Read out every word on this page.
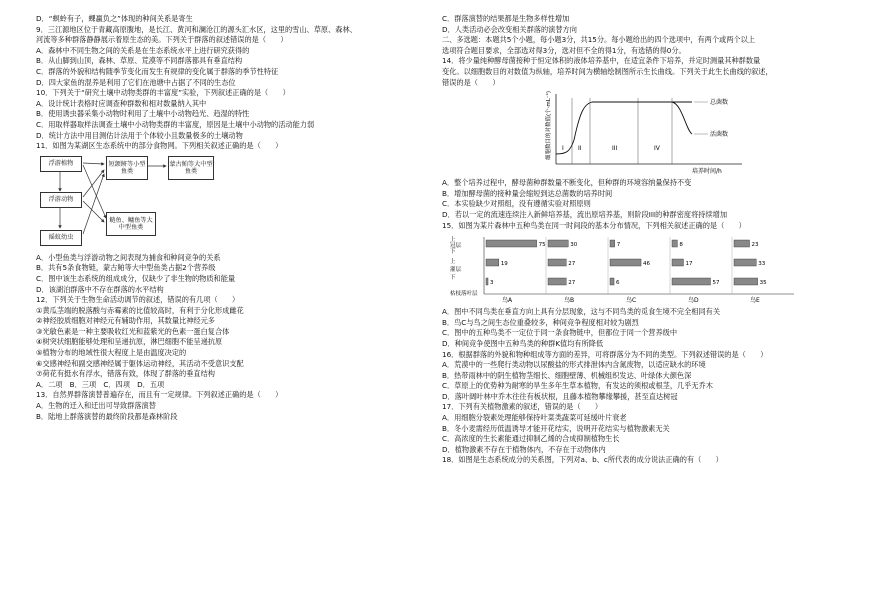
D．“螟蛉有子，蜾蠃负之”体现的种间关系是寄生
9．三江源地区位于青藏高原腹地，是长江、黄河和澜沧江的源头汇水区，这里的雪山、草原、森林、
河流等多种群落静静展示着原生态的美。下列关于群落的叙述错误的是（　　）
A．森林中不同生物之间的关系是在生态系统水平上进行研究获得的
B．从山脚到山顶，森林、草原、荒漠等不同群落都具有垂直结构
C．群落的外貌和结构随季节变化而发生有规律的变化属于群落的季节性特征
D．四大家鱼的混养是利用了它们在池塘中占据了不同的生态位
10．下列关于“研究土壤中动物类群的丰富度”实验，下列叙述正确的是（　　）
A．设计统计表格时应调查种群数和相对数量纳入其中
B．使用诱虫器采集小动物时利用了土壤中小动物趋光、趋湿的特性
C．用取样器取样法调查土壤中小动物类群的丰富度，原因是土壤中小动物的活动能力弱
D．统计方法中用目测估计法用于个体较小且数量极多的土壤动物
11．如图为某湖区生态系统中的部分食物网。下列相关叙述正确的是（　　）
浮游植物
浮游动物
摇蚊幼虫
短颌鲚等小型鱼类
蒙古鲌等大中型鱼类
鲢鱼、鳙鱼等大中型鱼类
A．小型鱼类与浮游动物之间表现为捕食和种间竞争的关系
B．共有5条食物链，蒙古鲌等大中型鱼类占据2个营养级
C．图中该生态系统的组成成分，仅缺少了非生物的物质和能量
D．该湖泊群落中不存在群落的水平结构
12．下列关于生物生命活动调节的叙述，错误的有几项（　　）
①黄瓜茎端的脱落酸与赤霉素的比值较高时，有利于分化形成雌花
②神经胶质细胞对神经元有辅助作用，其数量比神经元多
③光敏色素是一种主要吸收红光和蓝紫光的色素一蛋白复合体
④树突状细胞能够处理和呈递抗原，淋巴细胞不能呈递抗原
⑤植物分布的地域性很大程度上是由温度决定的
⑥交感神经和副交感神经属于躯体运动神经，其活动不受意识支配
⑦荷花有挺水有浮水，错落有致，体现了群落的垂直结构
A．二项　B．三项　C．四项　D．五项
13．自然界群落演替普遍存在，而且有一定规律。下列叙述正确的是（　　）
A．生物的迁入和迁出可导致群落演替
B．陆地上群落演替的最终阶段都是森林阶段
C．群落演替的结果都是生物多样性增加
D．人类活动必会改变相关群落的演替方向
二、多选题：本题共5个小题，每小题3分，共15分。每小题给出的四个选项中，有两个或两个以上
选项符合题目要求，全部选对得3分，选对但不全的得1分，有选错的得0分。
14．将少量纯种酵母菌接种于恒定体积的液体培养基中，在适宜条件下培养，并定时测量其种群数量
变化。以细胞数目的对数值为纵轴，培养时间为横轴绘制图所示生长曲线。下列关于此生长曲线的叙述，
错误的是（　　）
细胞数目的对数值(个·mL⁻¹)	总菌数
活菌数
I II	III	IV
培养时间/h
A．整个培养过程中，酵母菌种群数量不断变化，但种群的环境容纳量保持不变
B．增加酵母菌的接种量会缩短到达总菌数的培养时间
C．本实验缺少对照组，没有遵循实验对照原则
D．若以一定的流速连续注入新鲜培养基，流出原培养基，则阶段III的种群密度将持续增加
15．如图为某片森林中五种鸟类在同一时间段的基本分布情况，下列相关叙述正确的是（　　）
上
冠层
下
上
灌层
下
枯枝落叶层
75
19
3
鸟A
30
27
27
鸟B
7
46
6
鸟C
8
17
57
鸟D
23
33
35
鸟E
A．图中不同鸟类在垂直方向上具有分层现象，这与不同鸟类的觅食生境不完全相同有关
B．鸟C与鸟之间生态位重叠较多，种间竞争程度相对较为剧烈
C．图中的五种鸟类不一定位于同一条食物链中，但都位于同一个营养级中
D．种间竞争使图中五种鸟类的种群K值均有所降低
16．根据群落的外貌和物种组成等方面的差异，可将群落分为不同的类型。下列叙述错误的是（　　）
A．荒漠中的一些爬行类动物以尿酸盐的形式排泄体内含氮废物，以适应缺水的环境
B．热带雨林中的阴生植物茎细长、细胞壁薄、机械组织发达、叶绿体大颜色深
C．草原上的优势种为耐寒的旱生多年生草本植物，有发达的须根或根茎，几乎无乔木
D．落叶阔叶林中乔木往往有板状根，且藤本植物攀缘攀援，甚至直达树冠
17．下列有关植物激素的叙述，错误的是（　　）
A．用细胞分裂素处理能够保持叶菜类蔬菜可延缓叶片衰老
B．冬小麦需经历低温诱导才能开花结实，说明开花结实与植物激素无关
C．高浓度的生长素能通过抑制乙烯的合成抑制植物生长
D．植物激素不存在于植物体内，不存在于动物体内
18．如图是生态系统成分的关系图，下列对a、b、c所代表的成分说法正确的有（　　）
